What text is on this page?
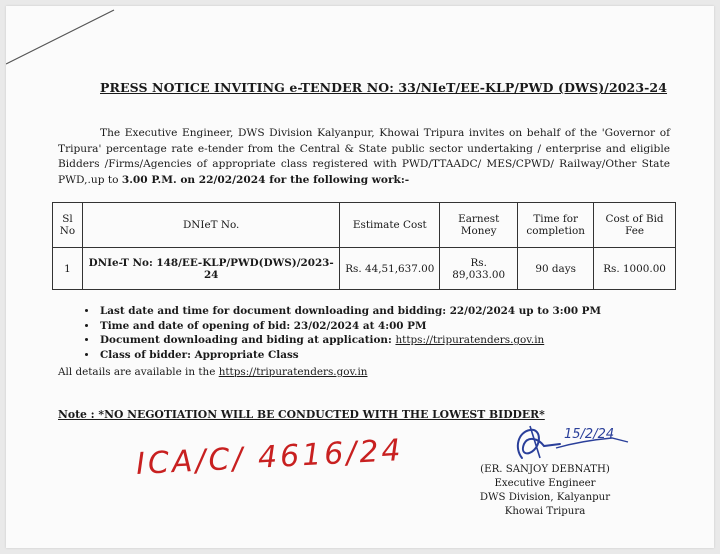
PRESS NOTICE INVITING e-TENDER NO: 33/NIeT/EE-KLP/PWD (DWS)/2023-24
The Executive Engineer, DWS Division Kalyanpur, Khowai Tripura invites on behalf of the 'Governor of Tripura' percentage rate e-tender from the Central & State public sector undertaking / enterprise and eligible Bidders /Firms/Agencies of appropriate class registered with PWD/TTAADC/ MES/CPWD/ Railway/Other State PWD,.up to 3.00 P.M. on 22/02/2024 for the following work:-
Sl No	DNIeT No.	Estimate Cost	Earnest Money	Time for completion	Cost of Bid Fee
1	DNIe-T No: 148/EE-KLP/PWD(DWS)/2023-24	Rs. 44,51,637.00	Rs. 89,033.00	90 days	Rs. 1000.00
• Last date and time for document downloading and bidding: 22/02/2024 up to 3:00 PM
• Time and date of opening of bid: 23/02/2024 at 4:00 PM
• Document downloading and biding at application: https://tripuratenders.gov.in
• Class of bidder: Appropriate Class
All details are available in the https://tripuratenders.gov.in
Note : *NO NEGOTIATION WILL BE CONDUCTED WITH THE LOWEST BIDDER*
ICA/C/ 4616/24	15/2/24
(ER. SANJOY DEBNATH)
Executive Engineer
DWS Division, Kalyanpur
Khowai Tripura
